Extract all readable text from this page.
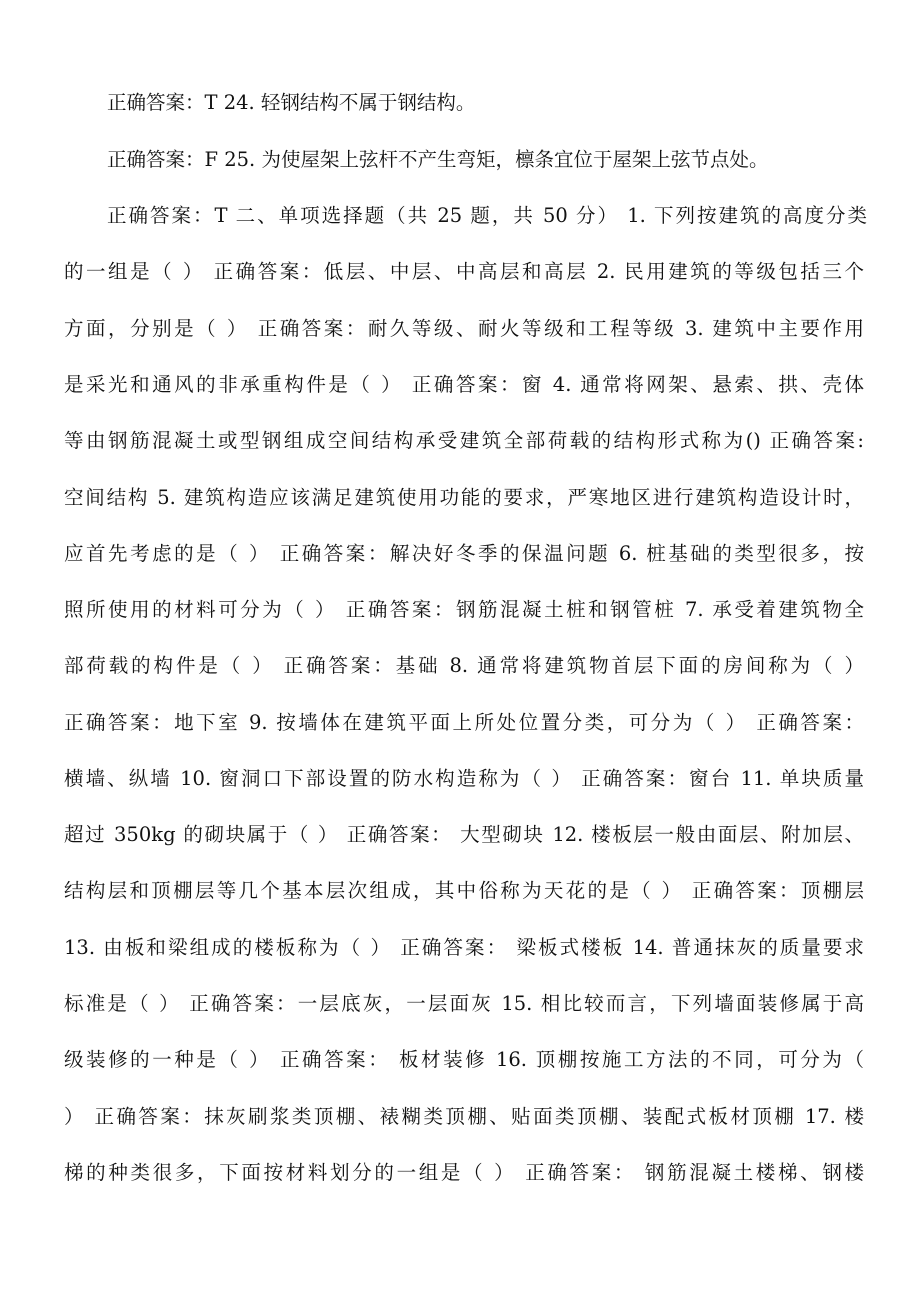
正确答案：T 24. 轻钢结构不属于钢结构。
正确答案：F 25. 为使屋架上弦杆不产生弯矩，檩条宜位于屋架上弦节点处。
正确答案：T 二、单项选择题（共 25 题，共 50 分） 1. 下列按建筑的高度分类
的一组是（ ） 正确答案：低层、中层、中高层和高层 2. 民用建筑的等级包括三个
方面，分别是（ ） 正确答案：耐久等级、耐火等级和工程等级 3. 建筑中主要作用
是采光和通风的非承重构件是（ ） 正确答案：窗 4. 通常将网架、悬索、拱、壳体
等由钢筋混凝土或型钢组成空间结构承受建筑全部荷载的结构形式称为() 正确答案:
空间结构 5. 建筑构造应该满足建筑使用功能的要求，严寒地区进行建筑构造设计时，
应首先考虑的是（ ） 正确答案：解决好冬季的保温问题 6. 桩基础的类型很多，按
照所使用的材料可分为（ ） 正确答案：钢筋混凝土桩和钢管桩 7. 承受着建筑物全
部荷载的构件是（ ） 正确答案：基础 8. 通常将建筑物首层下面的房间称为（ ）
正确答案：地下室 9. 按墙体在建筑平面上所处位置分类，可分为（ ） 正确答案：
横墙、纵墙 10. 窗洞口下部设置的防水构造称为（ ） 正确答案：窗台 11. 单块质量
超过 350kg 的砌块属于（ ） 正确答案： 大型砌块 12. 楼板层一般由面层、附加层、
结构层和顶棚层等几个基本层次组成，其中俗称为天花的是（ ） 正确答案：顶棚层
13. 由板和梁组成的楼板称为（ ） 正确答案： 梁板式楼板 14. 普通抹灰的质量要求
标准是（ ） 正确答案：一层底灰，一层面灰 15. 相比较而言，下列墙面装修属于高
级装修的一种是（ ） 正确答案： 板材装修 16. 顶棚按施工方法的不同，可分为（
） 正确答案：抹灰刷浆类顶棚、裱糊类顶棚、贴面类顶棚、装配式板材顶棚 17. 楼
梯的种类很多，下面按材料划分的一组是（ ） 正确答案： 钢筋混凝土楼梯、钢楼
